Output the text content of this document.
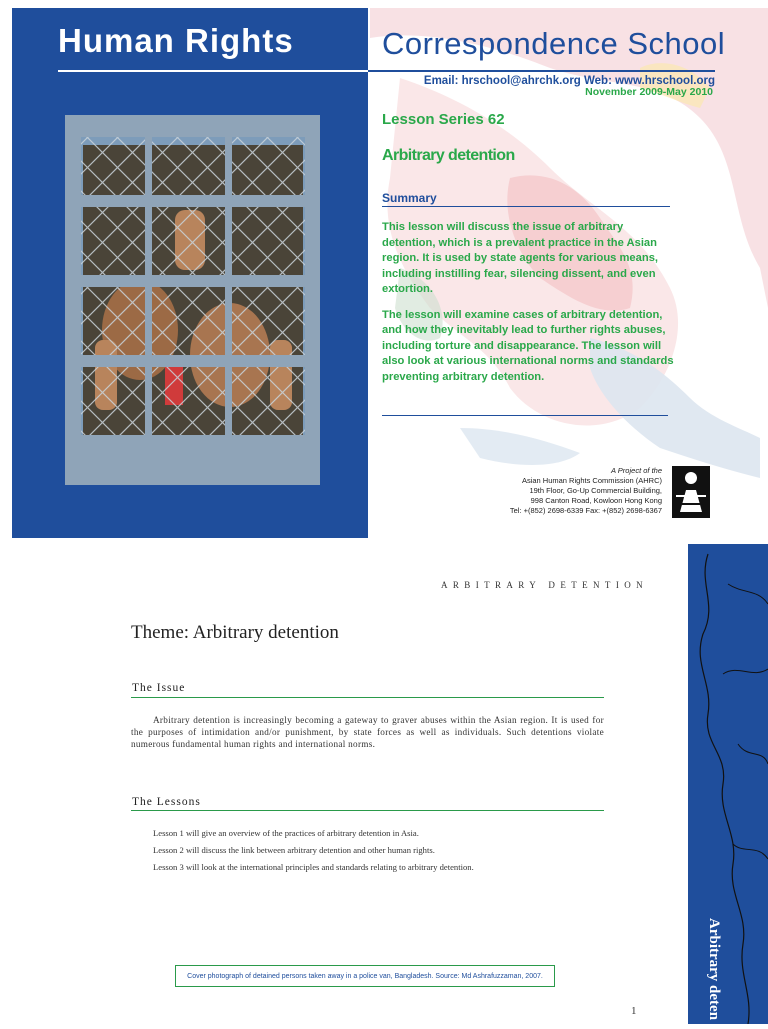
Human Rights	Correspondence School
Email: hrschool@ahrchk.org Web: www.hrschool.org
November 2009-May 2010
Lesson Series 62
Arbitrary detention
Summary

This lesson will discuss the issue of arbitrary detention, which is a prevalent practice in the Asian region. It is used by state agents for various means, including instilling fear, silencing dissent, and even extortion.

The lesson will examine cases of arbitrary detention, and how they inevitably lead to further rights abuses, including torture and disappearance. The lesson will also look at various international norms and standards preventing arbitrary detention.

A Project of the
Asian Human Rights Commission (AHRC)
19th Floor, Go-Up Commercial Building,
998 Canton Road, Kowloon Hong Kong
Tel: +(852) 2698-6339 Fax: +(852) 2698-6367
Arbitrary deten
ARBITRARY DETENTION
Theme: Arbitrary detention
The Issue
Arbitrary detention is increasingly becoming a gateway to graver abuses within the Asian region. It is used for the purposes of intimidation and/or punishment, by state forces as well as individuals. Such detentions violate numerous fundamental human rights and international norms.
The Lessons
Lesson 1 will give an overview of the practices of arbitrary detention in Asia.
Lesson 2 will discuss the link between arbitrary detention and other human rights.
Lesson 3 will look at the international principles and standards relating to arbitrary detention.
Cover photograph of detained persons taken away in a police van, Bangladesh. Source: Md Ashrafuzzaman, 2007.
1
